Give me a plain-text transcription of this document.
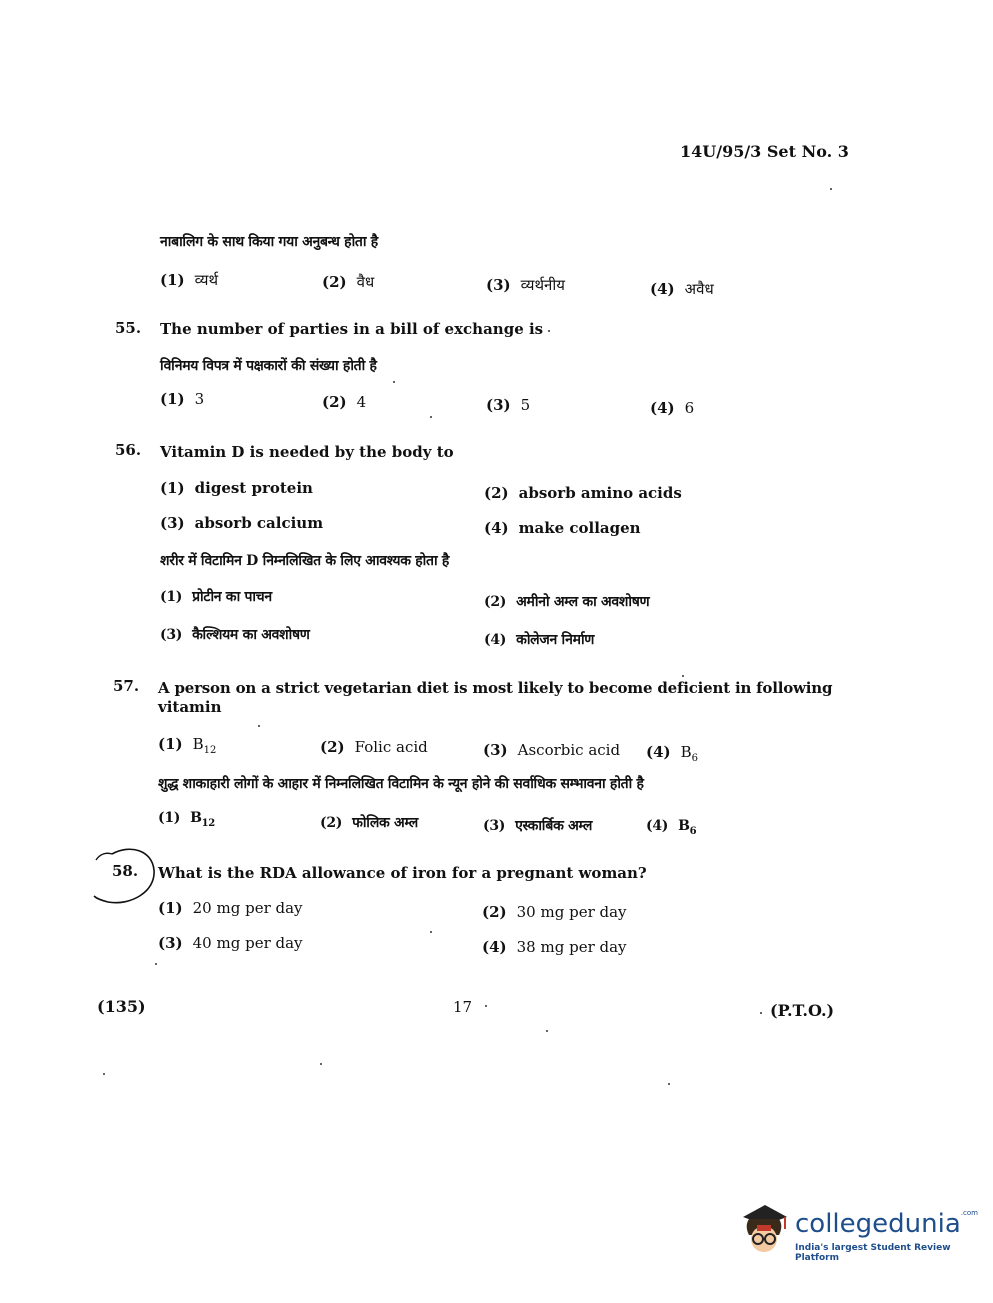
14U/95/3 Set No. 3
नाबालिग के साथ किया गया अनुबन्ध होता है
(1) व्यर्थ	(2) वैध	(3) व्यर्थनीय	(4) अवैध
55. The number of parties in a bill of exchange is
विनिमय विपत्र में पक्षकारों की संख्या होती है
(1) 3	(2) 4	(3) 5	(4) 6
56. Vitamin D is needed by the body to
(1) digest protein	(2) absorb amino acids
(3) absorb calcium	(4) make collagen
शरीर में विटामिन D निम्नलिखित के लिए आवश्यक होता है
(1) प्रोटीन का पाचन	(2) अमीनो अम्ल का अवशोषण
(3) कैल्शियम का अवशोषण	(4) कोलेजन निर्माण
57. A person on a strict vegetarian diet is most likely to become deficient in following
vitamin
(1) $B_{12}$	(2) Folic acid	(3) Ascorbic acid (4) $B_6$
शुद्ध शाकाहारी लोगों के आहार में निम्नलिखित विटामिन के न्यून होने की सर्वाधिक सम्भावना होती है
(1) $B_{12}$	(2) फोलिक अम्ल	(3) एस्कार्बिक अम्ल	(4) $B_6$
58. What is the RDA allowance of iron for a pregnant woman?
(1) 20 mg per day	(2) 30 mg per day
(3) 40 mg per day	(4) 38 mg per day
(135)	17	(P.T.O.)
collegedunia$^{.com}$
India's largest Student Review Platform
